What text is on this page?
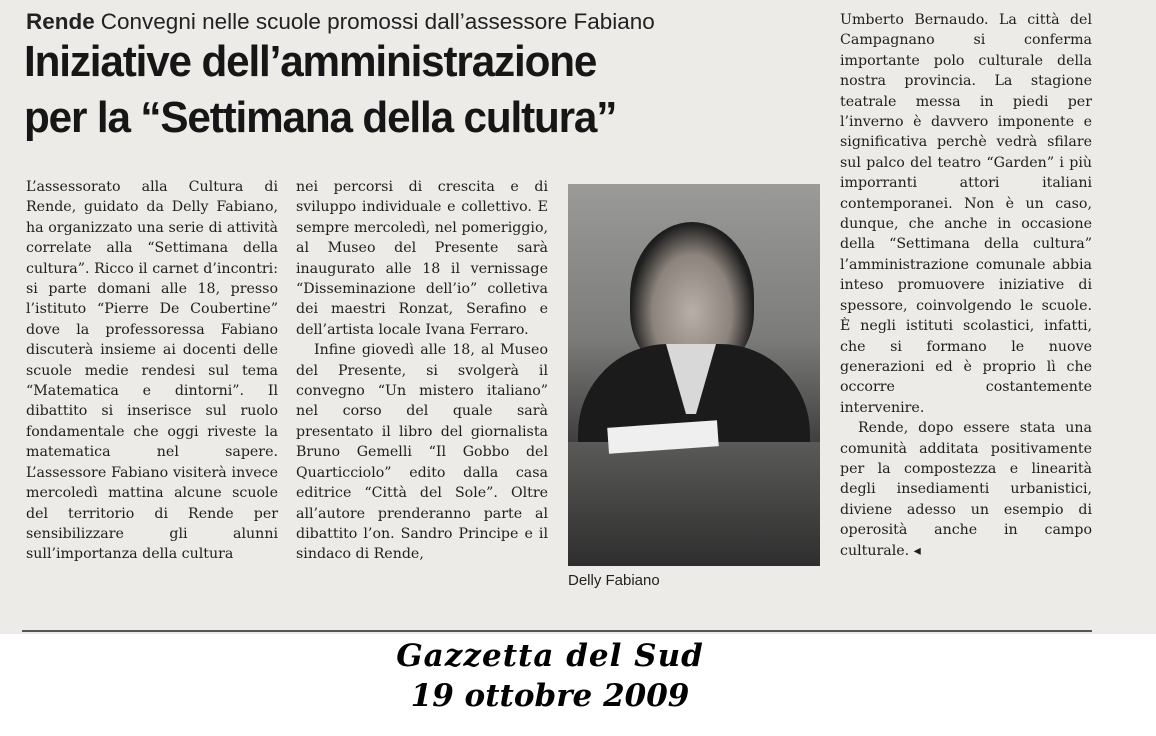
Rende Convegni nelle scuole promossi dall’assessore Fabiano
Iniziative dell’amministrazione
per la “Settimana della cultura”

L’assessorato alla Cultura di Rende, guidato da Delly Fabiano, ha organizzato una serie di attività correlate alla “Settimana della cultura”. Ricco il carnet d’incontri: si parte domani alle 18, presso l’istituto “Pierre De Coubertine” dove la professoressa Fabiano discuterà insieme ai docenti delle scuole medie rendesi sul tema “Matematica e dintorni”. Il dibattito si inserisce sul ruolo fondamentale che oggi riveste la matematica nel sapere. L’assessore Fabiano visiterà invece mercoledì mattina alcune scuole del territorio di Rende per sensibilizzare gli alunni sull’importanza della cultura

nei percorsi di crescita e di sviluppo individuale e collettivo. E sempre mercoledì, nel pomeriggio, al Museo del Presente sarà inaugurato alle 18 il vernissage “Disseminazione dell’io” colletiva dei maestri Ronzat, Serafino e dell’artista locale Ivana Ferraro.

Infine giovedì alle 18, al Museo del Presente, si svolgerà il convegno “Un mistero italiano” nel corso del quale sarà presentato il libro del giornalista Bruno Gemelli “Il Gobbo del Quarticciolo” edito dalla casa editrice “Città del Sole”. Oltre all’autore prenderanno parte al dibattito l’on. Sandro Principe e il sindaco di Rende,

Delly Fabiano

Umberto Bernaudo. La città del Campagnano si conferma importante polo culturale della nostra provincia. La stagione teatrale messa in piedi per l’inverno è davvero imponente e significativa perchè vedrà sfilare sul palco del teatro “Garden” i più imporranti attori italiani contemporanei. Non è un caso, dunque, che anche in occasione della “Settimana della cultura” l’amministrazione comunale abbia inteso promuovere iniziative di spessore, coinvolgendo le scuole. È negli istituti scolastici, infatti, che si formano le nuove generazioni ed è proprio lì che occorre costantemente intervenire.

Rende, dopo essere stata una comunità additata positivamente per la compostezza e linearità degli insediamenti urbanistici, diviene adesso un esempio di operosità anche in campo culturale. ◂

Gazzetta del Sud
19 ottobre 2009
